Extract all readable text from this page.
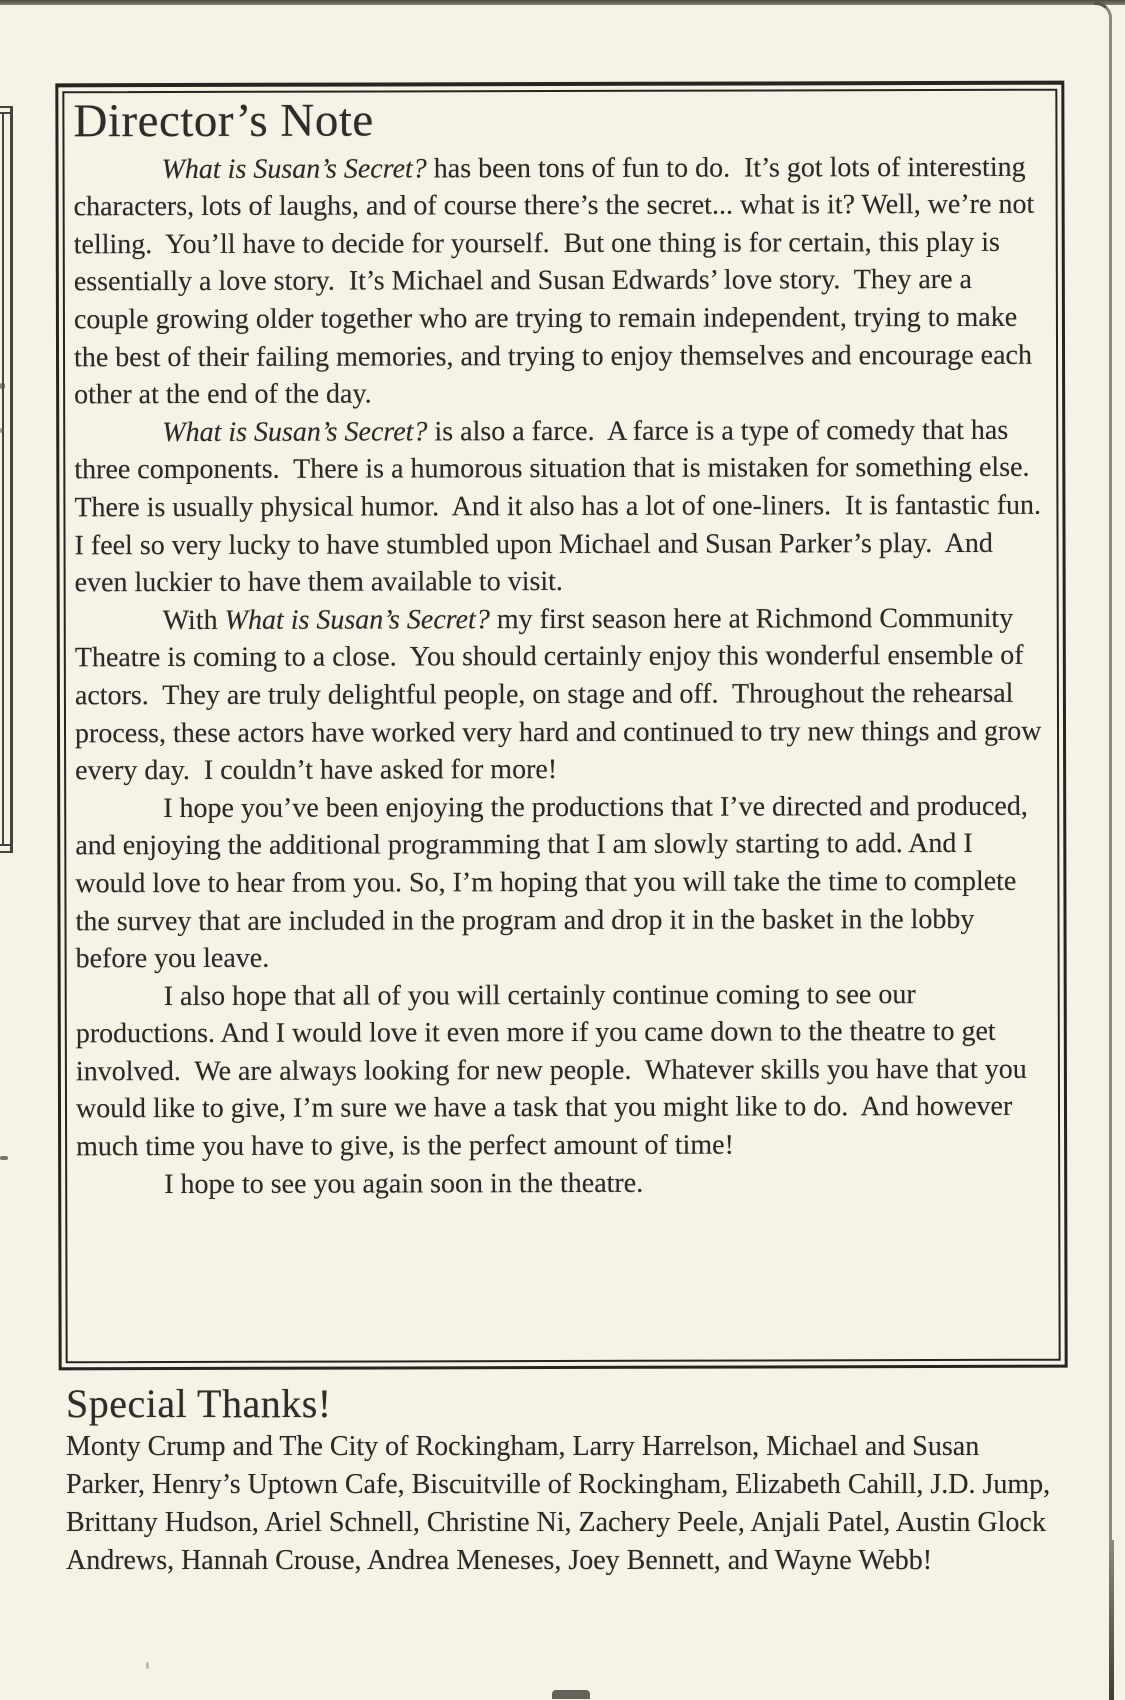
Director’s Note

What is Susan’s Secret? has been tons of fun to do.  It’s got lots of interesting characters, lots of laughs, and of course there’s the secret... what is it? Well, we’re not telling.  You’ll have to decide for yourself.  But one thing is for certain, this play is essentially a love story.  It’s Michael and Susan Edwards’ love story.  They are a couple growing older together who are trying to remain independent, trying to make the best of their failing memories, and trying to enjoy themselves and encourage each other at the end of the day.

What is Susan’s Secret? is also a farce.  A farce is a type of comedy that has three components.  There is a humorous situation that is mistaken for something else.  There is usually physical humor.  And it also has a lot of one-liners.  It is fantastic fun.  I feel so very lucky to have stumbled upon Michael and Susan Parker’s play.  And even luckier to have them available to visit.

With What is Susan’s Secret? my first season here at Richmond Community Theatre is coming to a close.  You should certainly enjoy this wonderful ensemble of actors.  They are truly delightful people, on stage and off.  Throughout the rehearsal process, these actors have worked very hard and continued to try new things and grow every day.  I couldn’t have asked for more!

I hope you’ve been enjoying the productions that I’ve directed and produced, and enjoying the additional programming that I am slowly starting to add. And I would love to hear from you. So, I’m hoping that you will take the time to complete the survey that are included in the program and drop it in the basket in the lobby before you leave.

I also hope that all of you will certainly continue coming to see our productions. And I would love it even more if you came down to the theatre to get involved.  We are always looking for new people.  Whatever skills you have that you would like to give, I’m sure we have a task that you might like to do.  And however much time you have to give, is the perfect amount of time!

I hope to see you again soon in the theatre.

Special Thanks!

Monty Crump and The City of Rockingham, Larry Harrelson, Michael and Susan Parker, Henry’s Uptown Cafe, Biscuitville of Rockingham, Elizabeth Cahill, J.D. Jump, Brittany Hudson, Ariel Schnell, Christine Ni, Zachery Peele, Anjali Patel, Austin Glock Andrews, Hannah Crouse, Andrea Meneses, Joey Bennett, and Wayne Webb!
